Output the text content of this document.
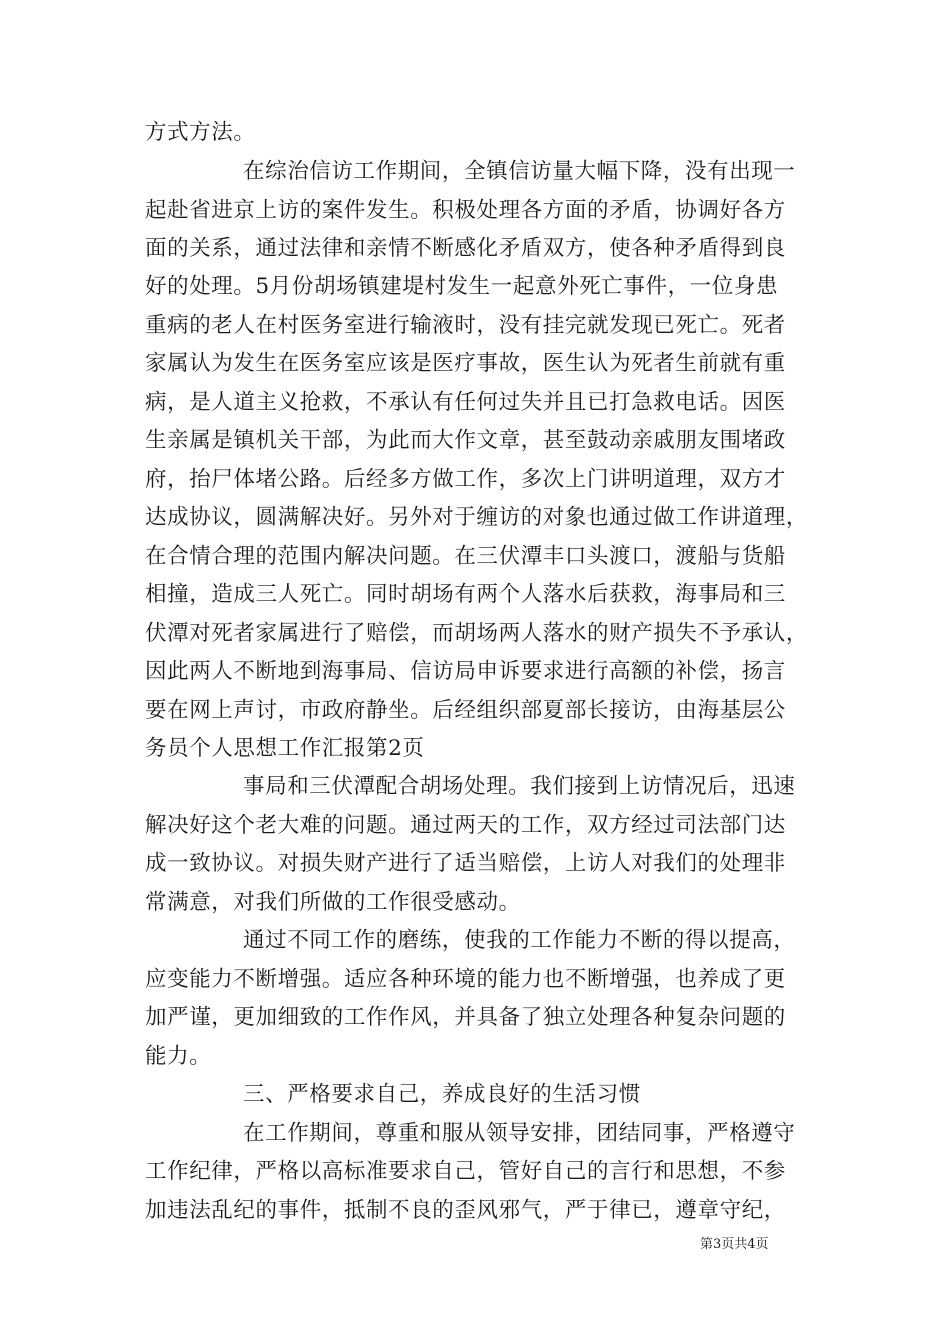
方式方法。
在综治信访工作期间，全镇信访量大幅下降，没有出现一
起赴省进京上访的案件发生。积极处理各方面的矛盾，协调好各方
面的关系，通过法律和亲情不断感化矛盾双方，使各种矛盾得到良
好的处理。5月份胡场镇建堤村发生一起意外死亡事件，一位身患
重病的老人在村医务室进行输液时，没有挂完就发现已死亡。死者
家属认为发生在医务室应该是医疗事故，医生认为死者生前就有重
病，是人道主义抢救，不承认有任何过失并且已打急救电话。因医
生亲属是镇机关干部，为此而大作文章，甚至鼓动亲戚朋友围堵政
府，抬尸体堵公路。后经多方做工作，多次上门讲明道理，双方才
达成协议，圆满解决好。另外对于缠访的对象也通过做工作讲道理，
在合情合理的范围内解决问题。在三伏潭丰口头渡口，渡船与货船
相撞，造成三人死亡。同时胡场有两个人落水后获救，海事局和三
伏潭对死者家属进行了赔偿，而胡场两人落水的财产损失不予承认，
因此两人不断地到海事局、信访局申诉要求进行高额的补偿，扬言
要在网上声讨，市政府静坐。后经组织部夏部长接访，由海基层公
务员个人思想工作汇报第2页
事局和三伏潭配合胡场处理。我们接到上访情况后，迅速
解决好这个老大难的问题。通过两天的工作，双方经过司法部门达
成一致协议。对损失财产进行了适当赔偿，上访人对我们的处理非
常满意，对我们所做的工作很受感动。
通过不同工作的磨练，使我的工作能力不断的得以提高，
应变能力不断增强。适应各种环境的能力也不断增强，也养成了更
加严谨，更加细致的工作作风，并具备了独立处理各种复杂问题的
能力。
三、严格要求自己，养成良好的生活习惯
在工作期间，尊重和服从领导安排，团结同事，严格遵守
工作纪律，严格以高标准要求自己，管好自己的言行和思想，不参
加违法乱纪的事件，抵制不良的歪风邪气，严于律已，遵章守纪，
第3页共4页
